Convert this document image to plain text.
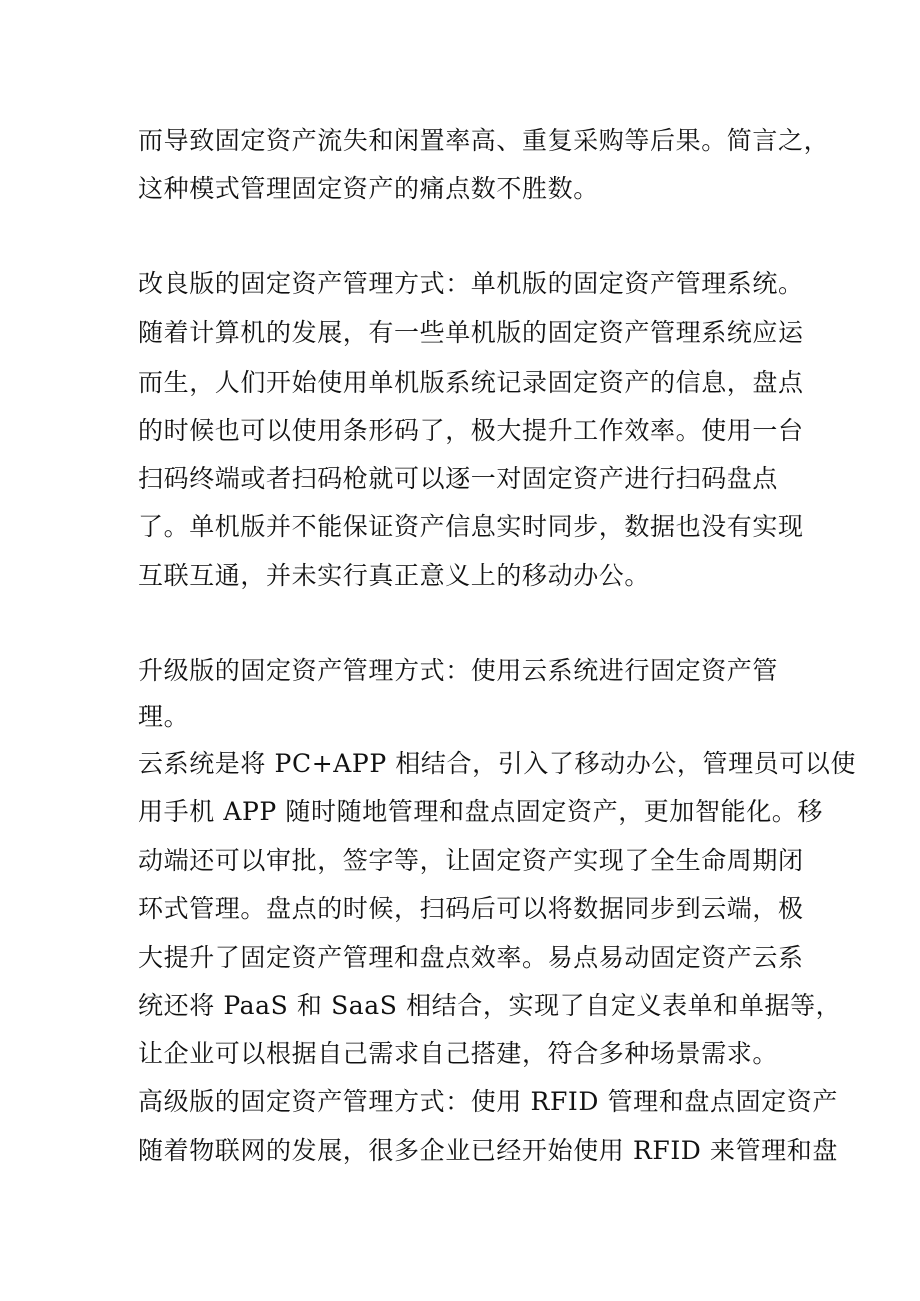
而导致固定资产流失和闲置率高、重复采购等后果。简言之，
这种模式管理固定资产的痛点数不胜数。
改良版的固定资产管理方式：单机版的固定资产管理系统。
随着计算机的发展，有一些单机版的固定资产管理系统应运
而生，人们开始使用单机版系统记录固定资产的信息，盘点
的时候也可以使用条形码了，极大提升工作效率。使用一台
扫码终端或者扫码枪就可以逐一对固定资产进行扫码盘点
了。单机版并不能保证资产信息实时同步，数据也没有实现
互联互通，并未实行真正意义上的移动办公。
升级版的固定资产管理方式：使用云系统进行固定资产管
理。
云系统是将 PC+APP 相结合，引入了移动办公，管理员可以使
用手机 APP 随时随地管理和盘点固定资产，更加智能化。移
动端还可以审批，签字等，让固定资产实现了全生命周期闭
环式管理。盘点的时候，扫码后可以将数据同步到云端，极
大提升了固定资产管理和盘点效率。易点易动固定资产云系
统还将 PaaS 和 SaaS 相结合，实现了自定义表单和单据等，
让企业可以根据自己需求自己搭建，符合多种场景需求。
高级版的固定资产管理方式：使用 RFID 管理和盘点固定资产
随着物联网的发展，很多企业已经开始使用 RFID 来管理和盘
